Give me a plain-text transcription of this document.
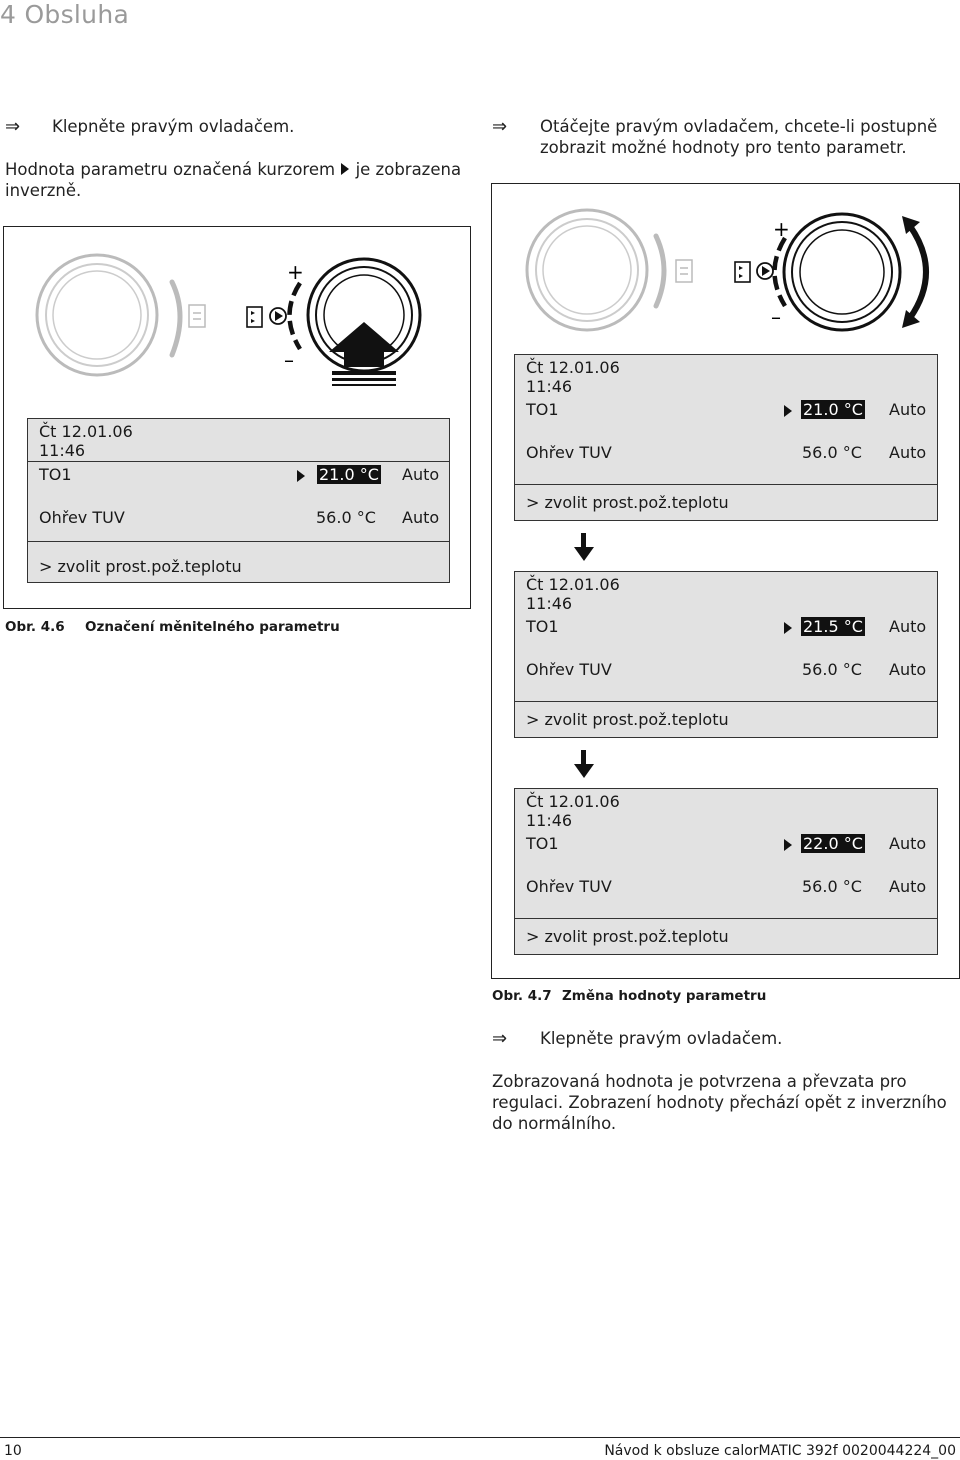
4 Obsluha
⇒ Klepněte pravým ovladačem.
Hodnota parametru označená kurzorem je zobrazena
inverzně.
⇒ Otáčejte pravým ovladačem, chcete-li postupně
zobrazit možné hodnoty pro tento parametr.
+
–
Čt 12.01.06
11:46
TO1	21.0 °C Auto
Ohřev TUV	56.0 °C Auto
> zvolit prost.pož.teplotu
Obr. 4.6 Označení měnitelného parametru
+
–
Čt 12.01.06
11:46
TO1	21.0 °C Auto
Ohřev TUV	56.0 °C Auto
> zvolit prost.pož.teplotu
Čt 12.01.06
11:46
TO1	21.5 °C Auto
Ohřev TUV	56.0 °C Auto
> zvolit prost.pož.teplotu
Čt 12.01.06
11:46
TO1	22.0 °C Auto
Ohřev TUV	56.0 °C Auto
> zvolit prost.pož.teplotu
Obr. 4.7 Změna hodnoty parametru
⇒ Klepněte pravým ovladačem.
Zobrazovaná hodnota je potvrzena a převzata pro
regulaci. Zobrazení hodnoty přechází opět z inverzního
do normálního.
10	Návod k obsluze calorMATIC 392f 0020044224_00
